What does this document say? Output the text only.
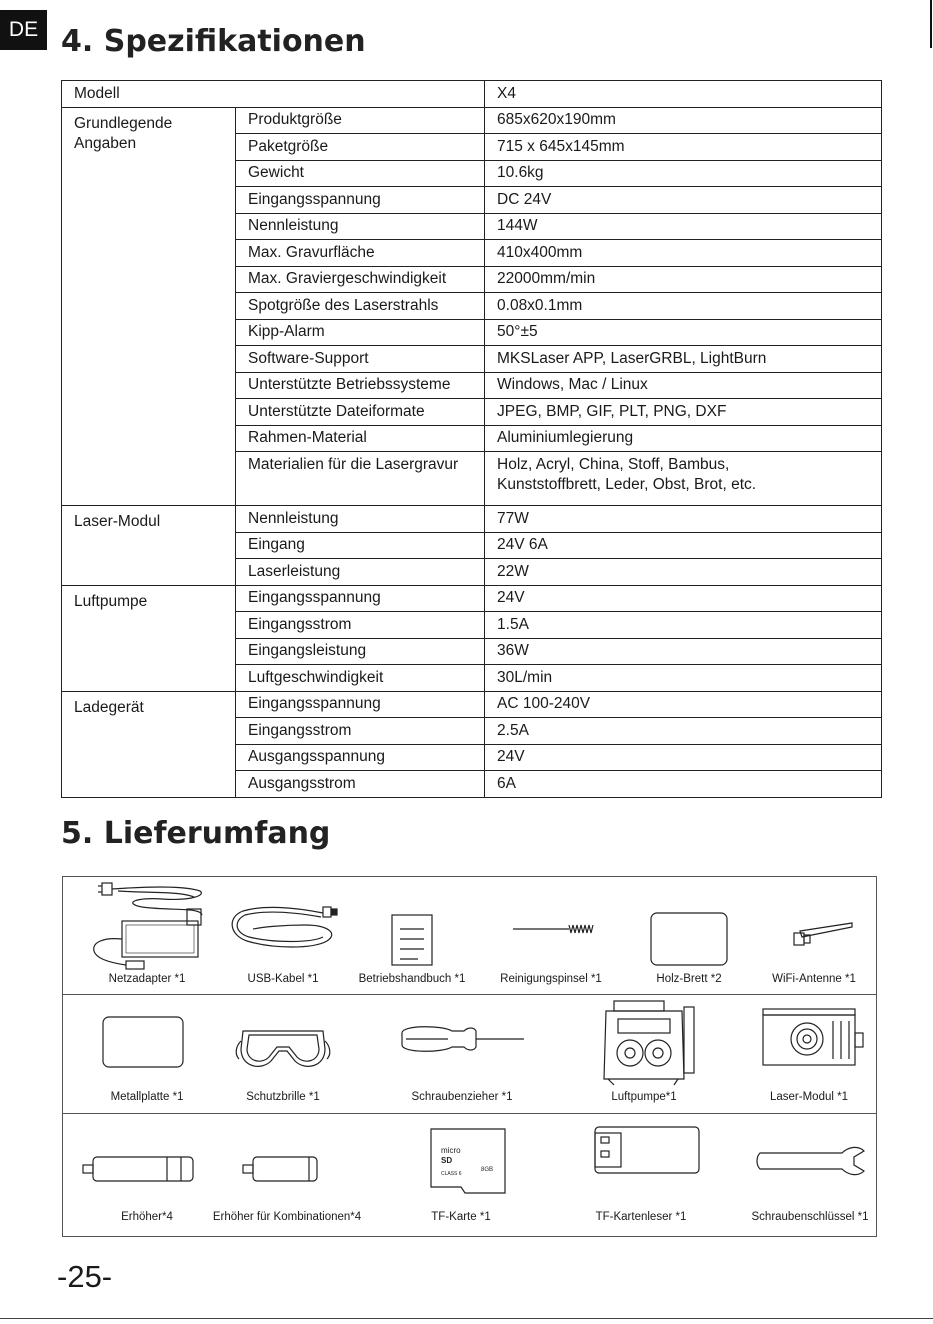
DE 4. Spezifikationen
Modell		X4
Grundlegende
Angaben	Produktgröße	685x620x190mm
	Paketgröße	715 x 645x145mm
	Gewicht	10.6kg
	Eingangsspannung	DC 24V
	Nennleistung	144W
	Max. Gravurfläche	410x400mm
	Max. Graviergeschwindigkeit	22000mm/min
	Spotgröße des Laserstrahls	0.08x0.1mm
	Kipp-Alarm	50°±5
	Software-Support	MKSLaser APP, LaserGRBL, LightBurn
	Unterstützte Betriebssysteme	Windows, Mac / Linux
	Unterstützte Dateiformate	JPEG, BMP, GIF, PLT, PNG, DXF
	Rahmen-Material	Aluminiumlegierung
	Materialien für die Lasergravur	Holz, Acryl, China, Stoff, Bambus,
Kunststoffbrett, Leder, Obst, Brot, etc.
Laser-Modul	Nennleistung	77W
	Eingang	24V 6A
	Laserleistung	22W
Luftpumpe	Eingangsspannung	24V
	Eingangsstrom	1.5A
	Eingangsleistung	36W
	Luftgeschwindigkeit	30L/min
Ladegerät	Eingangsspannung	AC 100-240V
	Eingangsstrom	2.5A
	Ausgangsspannung	24V
	Ausgangsstrom	6A
5. Lieferumfang
Netzadapter *1	USB-Kabel *1	Betriebshandbuch *1	Reinigungspinsel *1	Holz-Brett *2	WiFi-Antenne *1
Metallplatte *1	Schutzbrille *1	Schraubenzieher *1	Luftpumpe*1	Laser-Modul *1
Erhöher*4	Erhöher für Kombinationen*4
micro
SD
8GB
CLASS 6
TF-Karte *1	TF-Kartenleser *1	Schraubenschlüssel *1
-25-
